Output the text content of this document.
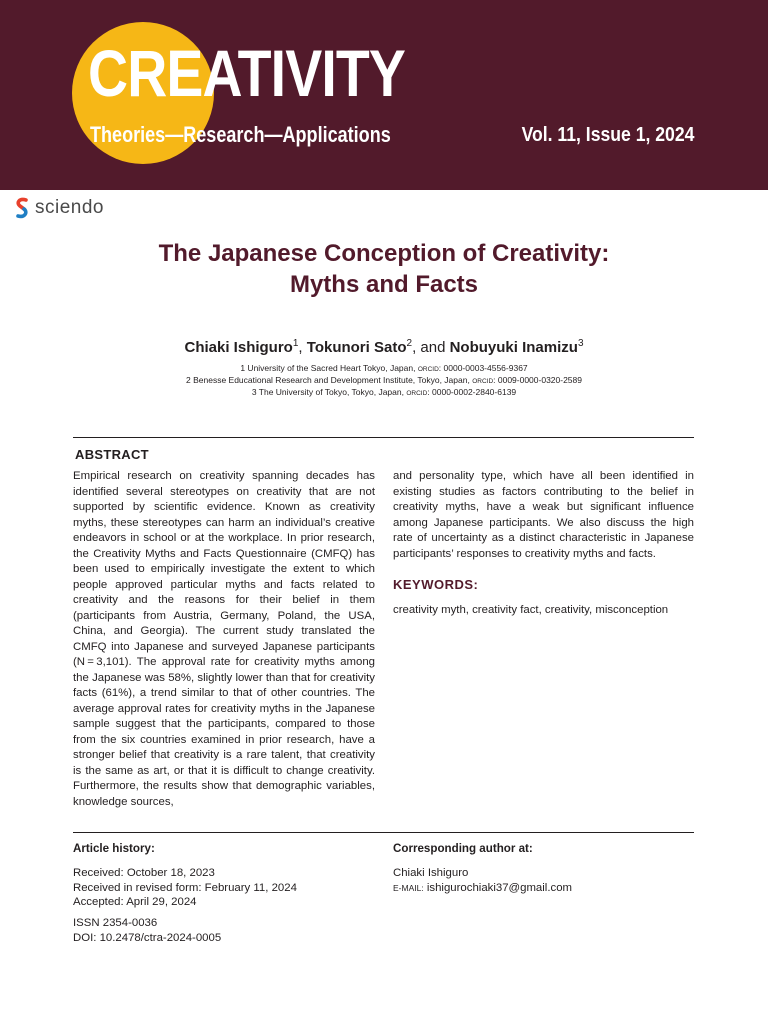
CREATIVITY
Theories—Research—Applications	Vol. 11, Issue 1, 2024
sciendo
The Japanese Conception of Creativity:
Myths and Facts
Chiaki Ishiguro$^1$, Tokunori Sato$^2$, and Nobuyuki Inamizu$^3$
1 University of the Sacred Heart Tokyo, Japan, ORCID: 0000-0003-4556-9367
2 Benesse Educational Research and Development Institute, Tokyo, Japan, ORCID: 0009-0000-0320-2589
3 The University of Tokyo, Tokyo, Japan, ORCID: 0000-0002-2840-6139
ABSTRACT
Empirical research on creativity spanning decades has identified several stereotypes on creativity that are not supported by scientific evidence. Known as creativity myths, these stereotypes can harm an individual’s creative endeavors in school or at the workplace. In prior research, the Creativity Myths and Facts Questionnaire (CMFQ) has been used to empirically investigate the extent to which people approved particular myths and facts related to creativity and the reasons for their belief in them (participants from Austria, Germany, Poland, the USA, China, and Georgia). The current study translated the CMFQ into Japanese and surveyed Japanese participants (N = 3,101). The approval rate for creativity myths among the Japanese was 58%, slightly lower than that for creativity facts (61%), a trend similar to that of other countries. The average approval rates for creativity myths in the Japanese sample suggest that the participants, compared to those from the six countries examined in prior research, have a stronger belief that creativity is a rare talent, that creativity is the same as art, or that it is difficult to change creativity. Furthermore, the results show that demographic variables, knowledge sources,
and personality type, which have all been identified in existing studies as factors contributing to the belief in creativity myths, have a weak but significant influence among Japanese participants. We also discuss the high rate of uncertainty as a distinct characteristic in Japanese participants’ responses to creativity myths and facts.
KEYWORDS:
creativity myth, creativity fact, creativity, misconception
Article history:
Received: October 18, 2023
Received in revised form: February 11, 2024
Accepted: April 29, 2024
ISSN 2354-0036
DOI: 10.2478/ctra-2024-0005
Corresponding author at:
Chiaki Ishiguro
E-MAIL: ishigurochiaki37@gmail.com
